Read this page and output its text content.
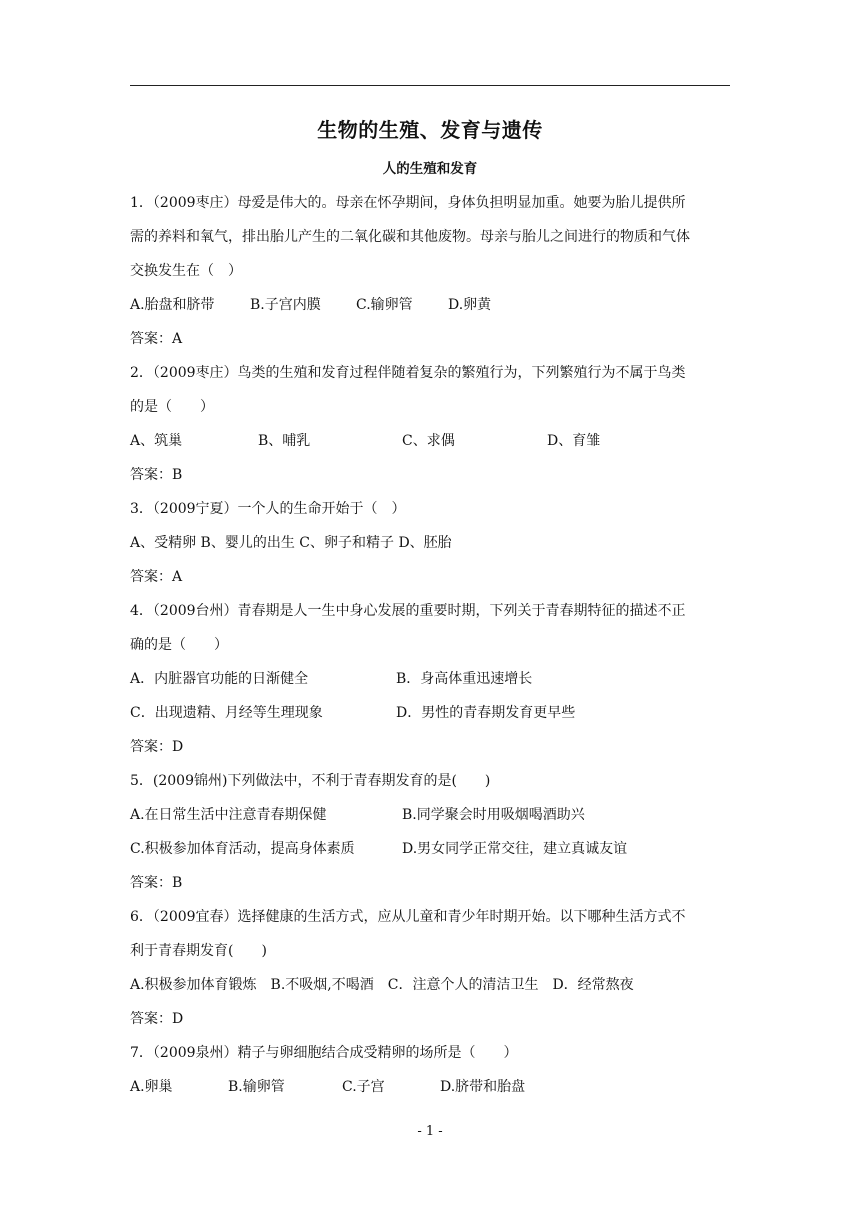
生物的生殖、发育与遗传
人的生殖和发育
1．（2009枣庄）母爱是伟大的。母亲在怀孕期间，身体负担明显加重。她要为胎儿提供所
需的养料和氧气，排出胎儿产生的二氧化碳和其他废物。母亲与胎儿之间进行的物质和气体
交换发生在（　）
A.胎盘和脐带	B.子宫内膜	C.输卵管	D.卵黄
答案：A
2．（2009枣庄）鸟类的生殖和发育过程伴随着复杂的繁殖行为，下列繁殖行为不属于鸟类
的是（　　）
A、筑巢	B、哺乳	C、求偶	D、育雏
答案：B
3．（2009宁夏）一个人的生命开始于（　）
A、受精卵 B、婴儿的出生 C、卵子和精子 D、胚胎
答案：A
4．（2009台州）青春期是人一生中身心发展的重要时期，下列关于青春期特征的描述不正
确的是（　　）
A．内脏器官功能的日渐健全	B．身高体重迅速增长
C．出现遗精、月经等生理现象	D．男性的青春期发育更早些
答案：D
5．(2009锦州)下列做法中，不利于青春期发育的是(　　)
A.在日常生活中注意青春期保健	B.同学聚会时用吸烟喝酒助兴
C.积极参加体育活动，提高身体素质	D.男女同学正常交往，建立真诚友谊
答案：B
6．（2009宜春）选择健康的生活方式，应从儿童和青少年时期开始。以下哪种生活方式不
利于青春期发育(　　)
A.积极参加体育锻炼　B.不吸烟,不喝酒　C．注意个人的清洁卫生　D．经常熬夜
答案：D
7．（2009泉州）精子与卵细胞结合成受精卵的场所是（　　）
A.卵巢	B.输卵管	C.子宫	D.脐带和胎盘
- 1 -
